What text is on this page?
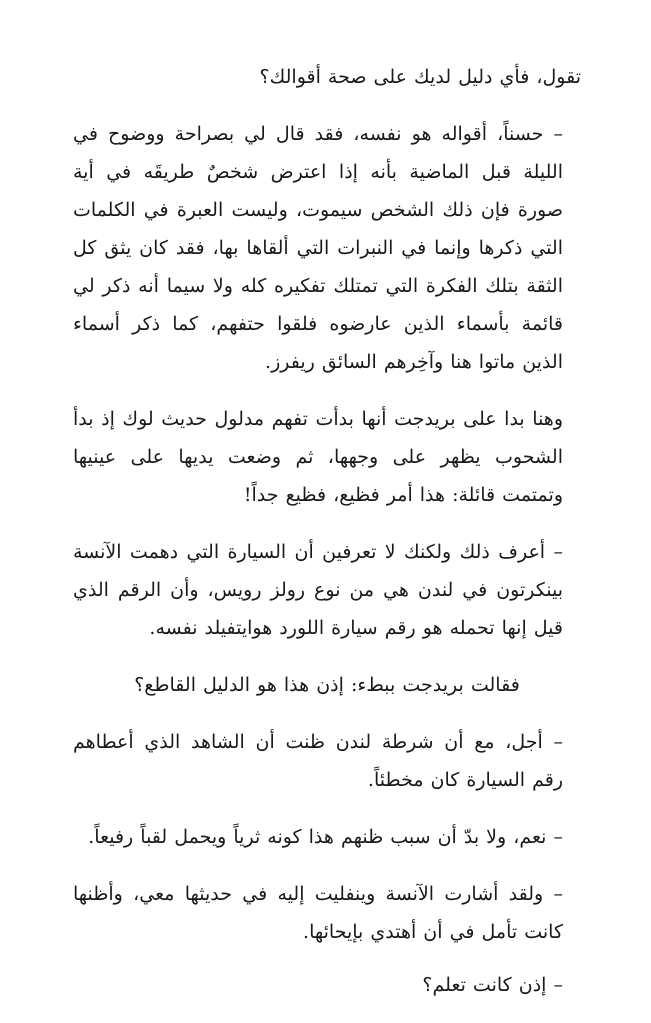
تقول، فأي دليل لديك على صحة أقوالك؟

– حسناً، أقواله هو نفسه، فقد قال لي بصراحة ووضوح في الليلة قبل الماضية بأنه إذا اعترض شخصٌ طريقَه في أية صورة فإن ذلك الشخص سيموت، وليست العبرة في الكلمات التي ذكرها وإنما في النبرات التي ألقاها بها، فقد كان يثق كل الثقة بتلك الفكرة التي تمتلك تفكيره كله ولا سيما أنه ذكر لي قائمة بأسماء الذين عارضوه فلقوا حتفهم، كما ذكر أسماء الذين ماتوا هنا وآخِرهم السائق ريفرز.

وهنا بدا على بريدجت أنها بدأت تفهم مدلول حديث لوك إذ بدأ الشحوب يظهر على وجهها، ثم وضعت يديها على عينيها وتمتمت قائلة: هذا أمر فظيع، فظيع جداً!

– أعرف ذلك ولكنك لا تعرفين أن السيارة التي دهمت الآنسة بينكرتون في لندن هي من نوع رولز رويس، وأن الرقم الذي قيل إنها تحمله هو رقم سيارة اللورد هوايتفيلد نفسه.

فقالت بريدجت ببطء: إذن هذا هو الدليل القاطع؟

– أجل، مع أن شرطة لندن ظنت أن الشاهد الذي أعطاهم رقم السيارة كان مخطئاً.

– نعم، ولا بدّ أن سبب ظنهم هذا كونه ثرياً ويحمل لقباً رفيعاً.

– ولقد أشارت الآنسة وينفليت إليه في حديثها معي، وأظنها كانت تأمل في أن أهتدي بإيحائها.

– إذن كانت تعلم؟
